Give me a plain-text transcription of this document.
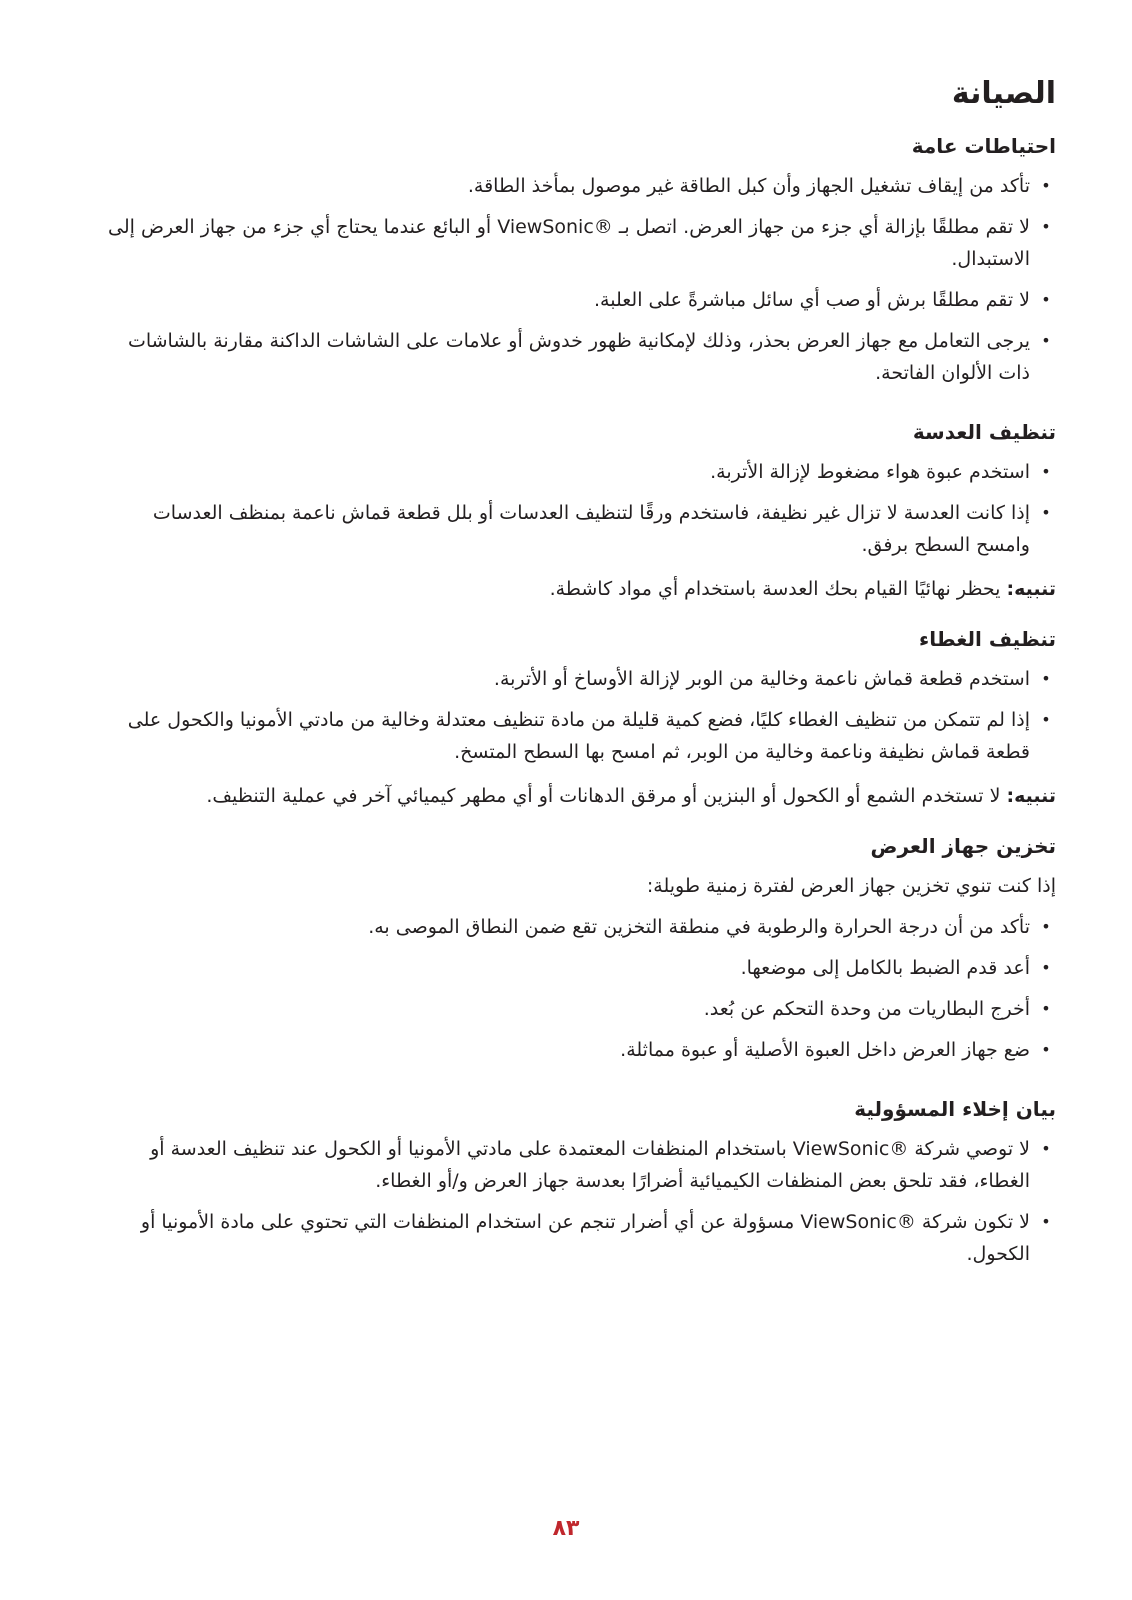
الصيانة
احتياطات عامة
•
تأكد من إيقاف تشغيل الجهاز وأن كبل الطاقة غير موصول بمأخذ الطاقة.
•
لا تقم مطلقًا بإزالة أي جزء من جهاز العرض. اتصل بـ ®ViewSonic أو البائع عندما يحتاج أي جزء من جهاز العرض إلى الاستبدال.
•
لا تقم مطلقًا برش أو صب أي سائل مباشرةً على العلبة.
•
يرجى التعامل مع جهاز العرض بحذر، وذلك لإمكانية ظهور خدوش أو علامات على الشاشات الداكنة مقارنة بالشاشات ذات الألوان الفاتحة.
تنظيف العدسة
•
استخدم عبوة هواء مضغوط لإزالة الأتربة.
•
إذا كانت العدسة لا تزال غير نظيفة، فاستخدم ورقًا لتنظيف العدسات أو بلل قطعة قماش ناعمة بمنظف العدسات وامسح السطح برفق.

تنبيه:يحظر نهائيًا القيام بحك العدسة باستخدام أي مواد كاشطة.

تنظيف الغطاء
•
استخدم قطعة قماش ناعمة وخالية من الوبر لإزالة الأوساخ أو الأتربة.
•
إذا لم تتمكن من تنظيف الغطاء كليًا، فضع كمية قليلة من مادة تنظيف معتدلة وخالية من مادتي الأمونيا والكحول على قطعة قماش نظيفة وناعمة وخالية من الوبر، ثم امسح بها السطح المتسخ.

تنبيه:لا تستخدم الشمع أو الكحول أو البنزين أو مرقق الدهانات أو أي مطهر كيميائي آخر في عملية التنظيف.

تخزين جهاز العرض

إذا كنت تنوي تخزين جهاز العرض لفترة زمنية طويلة:

•
تأكد من أن درجة الحرارة والرطوبة في منطقة التخزين تقع ضمن النطاق الموصى به.
•
أعد قدم الضبط بالكامل إلى موضعها.
•
أخرج البطاريات من وحدة التحكم عن بُعد.
•
ضع جهاز العرض داخل العبوة الأصلية أو عبوة مماثلة.
بيان إخلاء المسؤولية
•
لا توصي شركة ®ViewSonic باستخدام المنظفات المعتمدة على مادتي الأمونيا أو الكحول عند تنظيف العدسة أو الغطاء، فقد تلحق بعض المنظفات الكيميائية أضرارًا بعدسة جهاز العرض و/أو الغطاء.
•
لا تكون شركة ®ViewSonic مسؤولة عن أي أضرار تنجم عن استخدام المنظفات التي تحتوي على مادة الأمونيا أو الكحول.
٨٣
